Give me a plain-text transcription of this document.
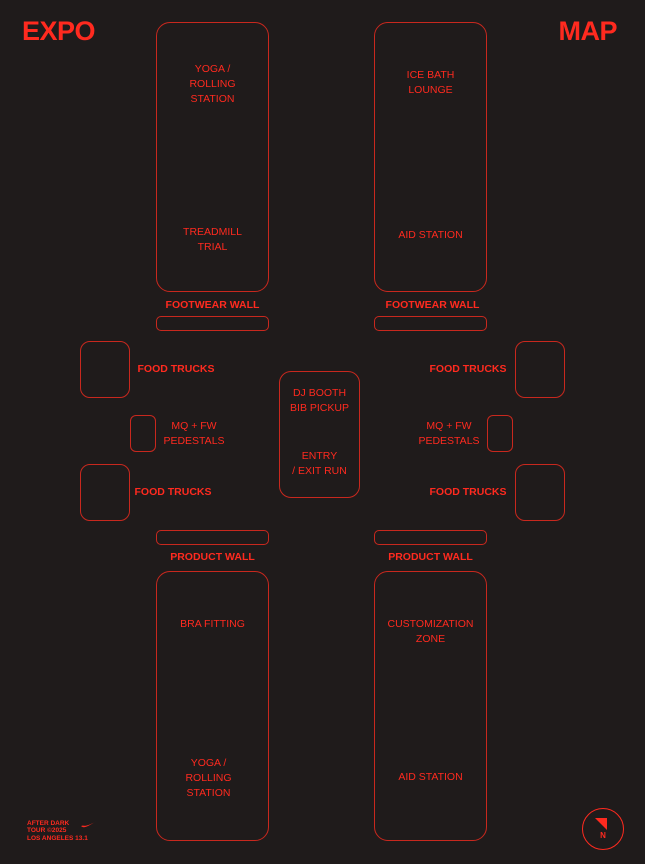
EXPO	MAP
YOGA /
ROLLING
STATION
TREADMILL
TRIAL
ICE BATH
LOUNGE
AID STATION
FOOTWEAR WALL	FOOTWEAR WALL
FOOD TRUCKS	FOOD TRUCKS
MQ + FW
PEDESTALS
MQ + FW
PEDESTALS
FOOD TRUCKS	FOOD TRUCKS
DJ BOOTH
BIB PICKUP
ENTRY
/ EXIT RUN
PRODUCT WALL	PRODUCT WALL
BRA FITTING
YOGA /
ROLLING
STATION
CUSTOMIZATION
ZONE
AID STATION
AFTER DARK
TOUR ©2025
LOS ANGELES 13.1	N
